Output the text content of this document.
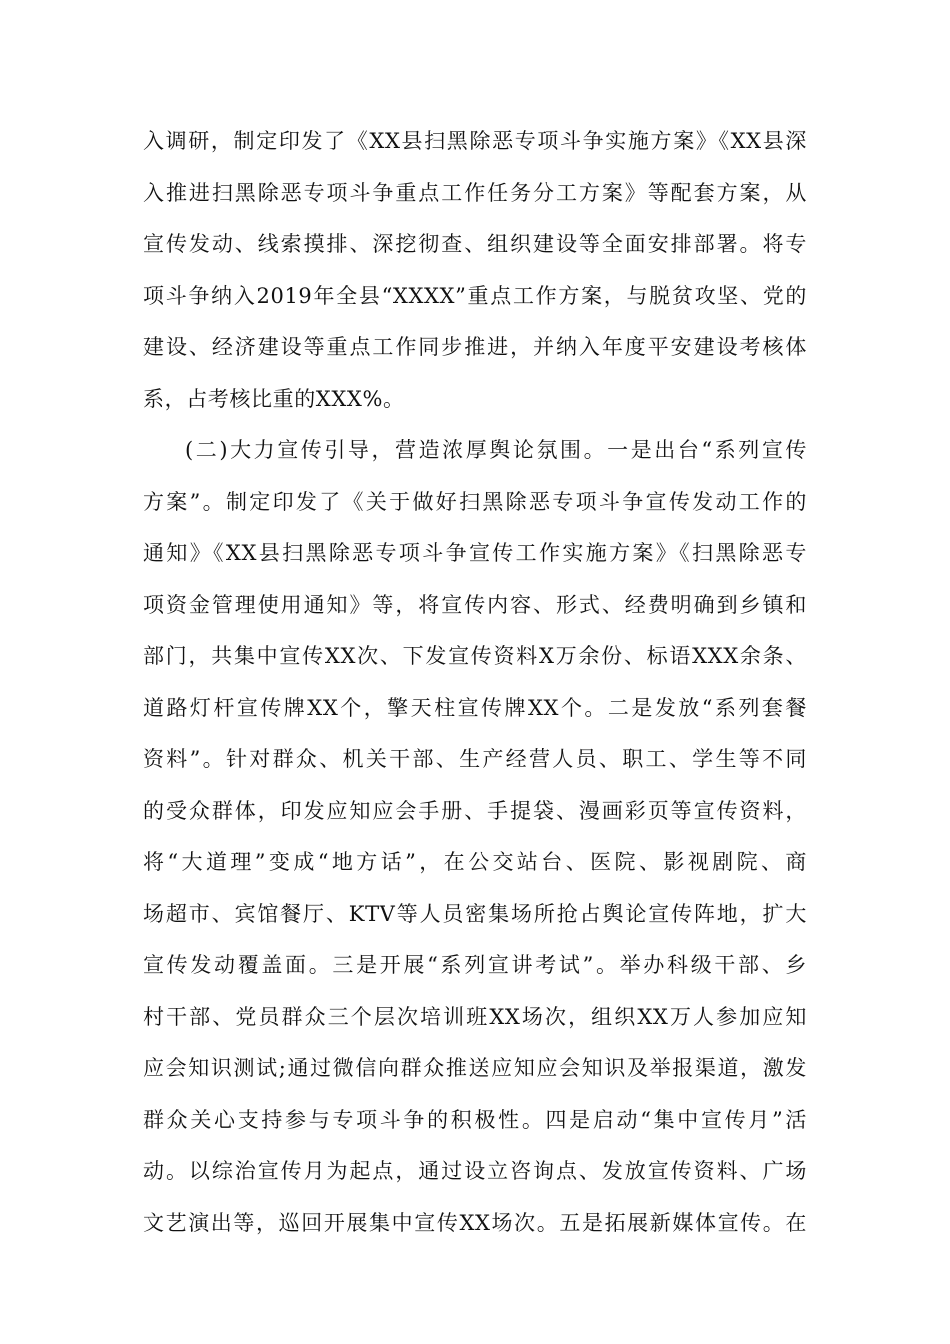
入调研，制定印发了《XX县扫黑除恶专项斗争实施方案》《XX县深
入推进扫黑除恶专项斗争重点工作任务分工方案》等配套方案，从
宣传发动、线索摸排、深挖彻查、组织建设等全面安排部署。将专
项斗争纳入2019年全县“XXXX”重点工作方案，与脱贫攻坚、党的
建设、经济建设等重点工作同步推进，并纳入年度平安建设考核体
系，占考核比重的XXX%。
(二)大力宣传引导，营造浓厚舆论氛围。一是出台“系列宣传
方案”。制定印发了《关于做好扫黑除恶专项斗争宣传发动工作的
通知》《XX县扫黑除恶专项斗争宣传工作实施方案》《扫黑除恶专
项资金管理使用通知》等，将宣传内容、形式、经费明确到乡镇和
部门，共集中宣传XX次、下发宣传资料X万余份、标语XXX余条、
道路灯杆宣传牌XX个，擎天柱宣传牌XX个。二是发放“系列套餐
资料”。针对群众、机关干部、生产经营人员、职工、学生等不同
的受众群体，印发应知应会手册、手提袋、漫画彩页等宣传资料，
将“大道理”变成“地方话”，在公交站台、医院、影视剧院、商
场超市、宾馆餐厅、KTV等人员密集场所抢占舆论宣传阵地，扩大
宣传发动覆盖面。三是开展“系列宣讲考试”。举办科级干部、乡
村干部、党员群众三个层次培训班XX场次，组织XX万人参加应知
应会知识测试;通过微信向群众推送应知应会知识及举报渠道，激发
群众关心支持参与专项斗争的积极性。四是启动“集中宣传月”活
动。以综治宣传月为起点，通过设立咨询点、发放宣传资料、广场
文艺演出等，巡回开展集中宣传XX场次。五是拓展新媒体宣传。在
